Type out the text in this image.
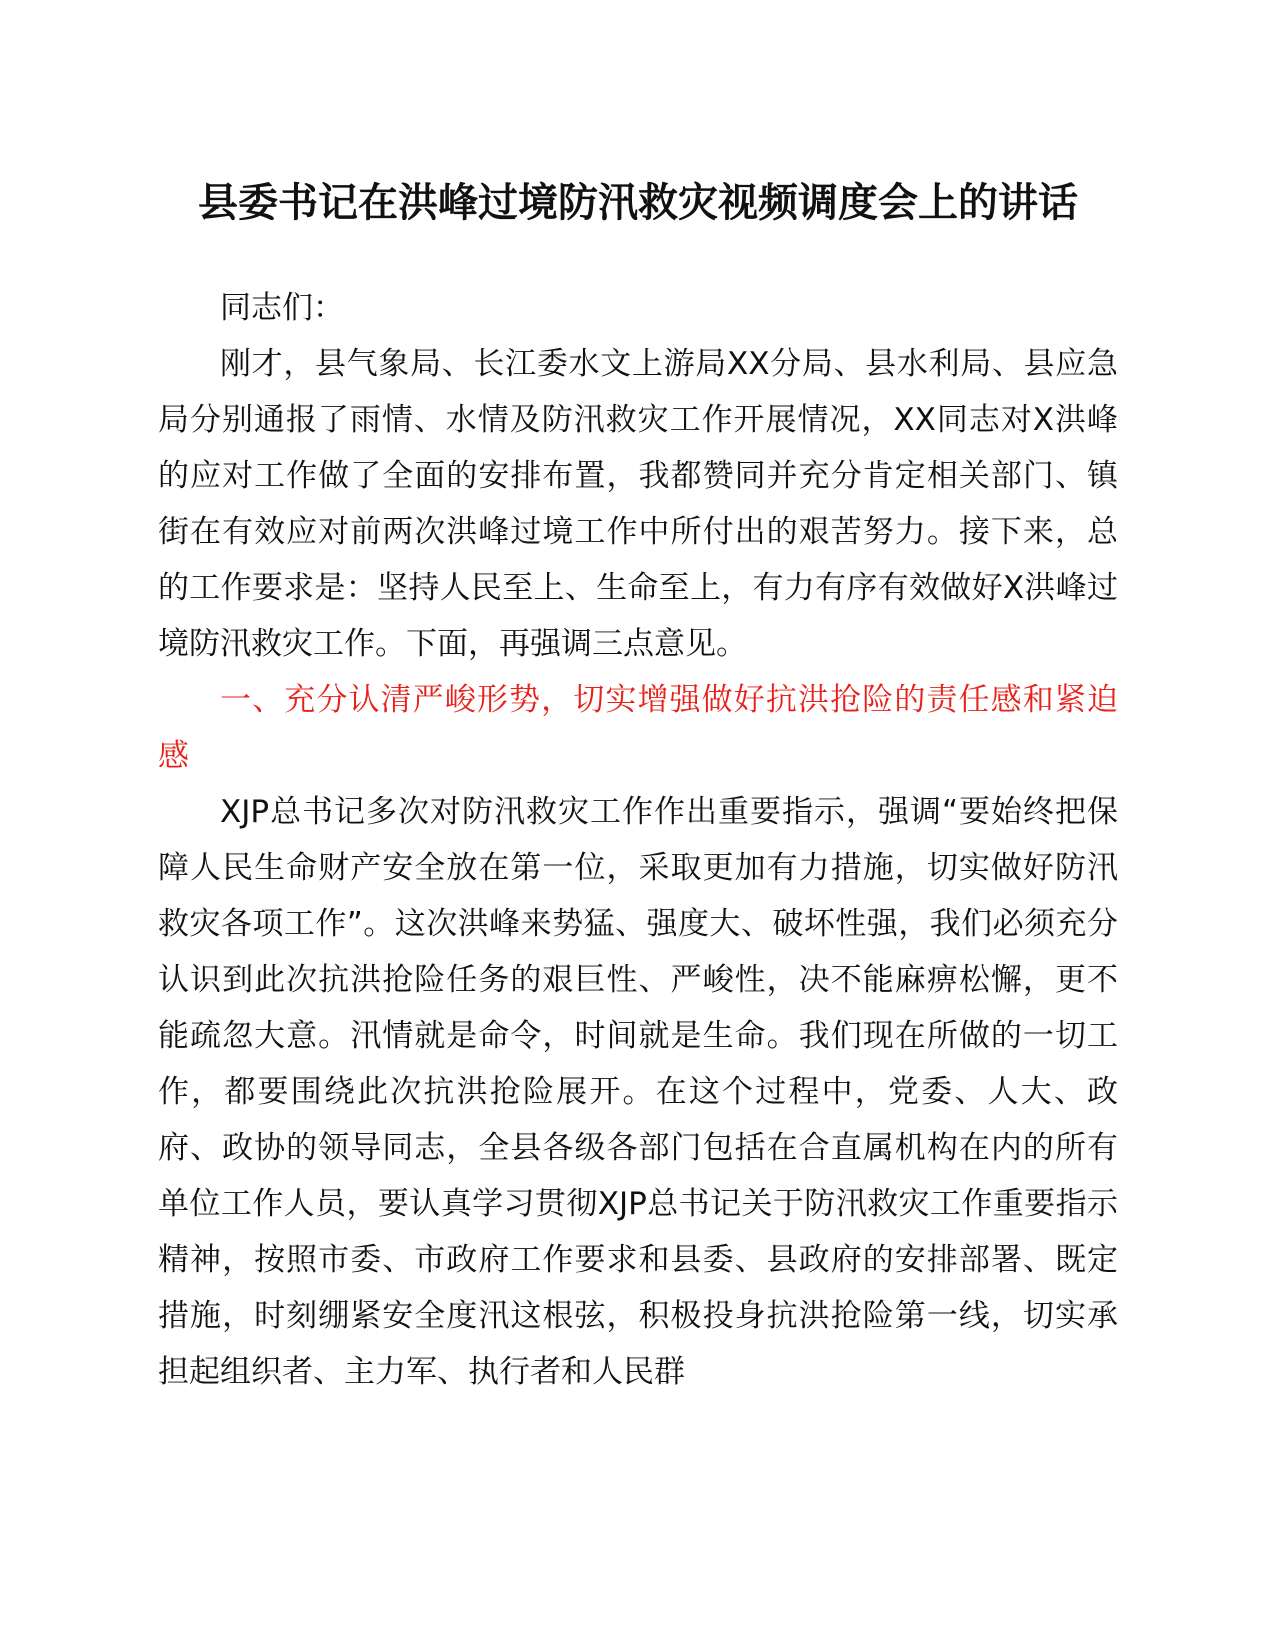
县委书记在洪峰过境防汛救灾视频调度会上的讲话

同志们：

刚才，县气象局、长江委水文上游局XX分局、县水利局、县应急局分别通报了雨情、水情及防汛救灾工作开展情况，XX同志对X洪峰的应对工作做了全面的安排布置，我都赞同并充分肯定相关部门、镇街在有效应对前两次洪峰过境工作中所付出的艰苦努力。接下来，总的工作要求是：坚持人民至上、生命至上，有力有序有效做好X洪峰过境防汛救灾工作。下面，再强调三点意见。

一、充分认清严峻形势，切实增强做好抗洪抢险的责任感和紧迫感

XJP总书记多次对防汛救灾工作作出重要指示，强调“要始终把保障人民生命财产安全放在第一位，采取更加有力措施，切实做好防汛救灾各项工作”。这次洪峰来势猛、强度大、破坏性强，我们必须充分认识到此次抗洪抢险任务的艰巨性、严峻性，决不能麻痹松懈，更不能疏忽大意。汛情就是命令，时间就是生命。我们现在所做的一切工作，都要围绕此次抗洪抢险展开。在这个过程中，党委、人大、政府、政协的领导同志，全县各级各部门包括在合直属机构在内的所有单位工作人员，要认真学习贯彻XJP总书记关于防汛救灾工作重要指示精神，按照市委、市政府工作要求和县委、县政府的安排部署、既定措施，时刻绷紧安全度汛这根弦，积极投身抗洪抢险第一线，切实承担起组织者、主力军、执行者和人民群
